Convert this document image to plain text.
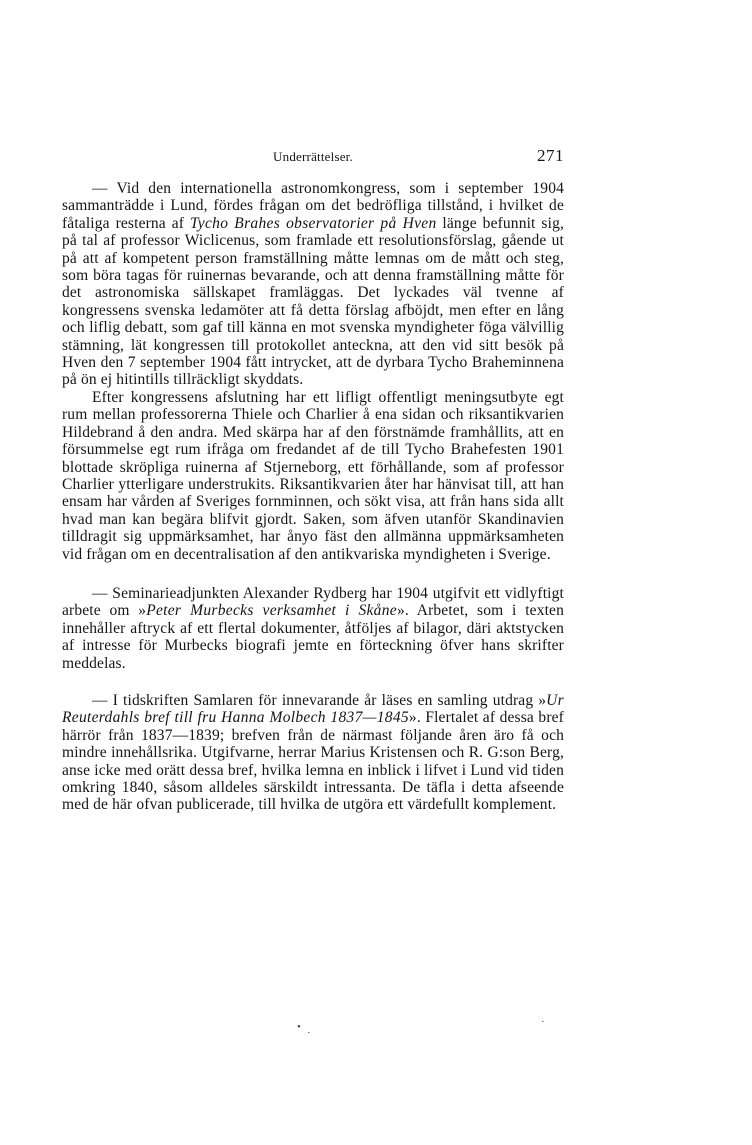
Underrättelser.	271

— Vid den internationella astronomkongress, som i september 1904 sammanträdde i Lund, fördes frågan om det bedröfliga tillstånd, i hvilket de fåtaliga resterna af Tycho Brahes observatorier på Hven länge befunnit sig, på tal af professor Wiclicenus, som framlade ett resolutionsförslag, gående ut på att af kompetent person framställning måtte lemnas om de mått och steg, som böra tagas för ruinernas bevarande, och att denna framställning måtte för det astronomiska sällskapet framläggas. Det lyckades väl tvenne af kongressens svenska ledamöter att få detta förslag afböjdt, men efter en lång och liflig debatt, som gaf till känna en mot svenska myndigheter föga välvillig stämning, lät kongressen till protokollet anteckna, att den vid sitt besök på Hven den 7 september 1904 fått intrycket, att de dyrbara Tycho Braheminnena på ön ej hitintills tillräckligt skyddats.

Efter kongressens afslutning har ett lifligt offentligt meningsutbyte egt rum mellan professorerna Thiele och Charlier å ena sidan och riksantikvarien Hildebrand å den andra. Med skärpa har af den förstnämde framhållits, att en försummelse egt rum ifråga om fredandet af de till Tycho Brahefesten 1901 blottade skröpliga ruinerna af Stjerneborg, ett förhållande, som af professor Charlier ytterligare understrukits. Riksantikvarien åter har hänvisat till, att han ensam har vården af Sveriges fornminnen, och sökt visa, att från hans sida allt hvad man kan begära blifvit gjordt. Saken, som äfven utanför Skandinavien tilldragit sig uppmärksamhet, har ånyo fäst den allmänna uppmärksamheten vid frågan om en decentralisation af den antikvariska myndigheten i Sverige.

— Seminarieadjunkten Alexander Rydberg har 1904 utgifvit ett vidlyftigt arbete om »Peter Murbecks verksamhet i Skåne». Arbetet, som i texten innehåller aftryck af ett flertal dokumenter, åtföljes af bilagor, däri aktstycken af intresse för Murbecks biografi jemte en förteckning öfver hans skrifter meddelas.

— I tidskriften Samlaren för innevarande år läses en samling utdrag »Ur Reuterdahls bref till fru Hanna Molbech 1837—1845». Flertalet af dessa bref härrör från 1837—1839; brefven från de närmast följande åren äro få och mindre innehållsrika. Utgifvarne, herrar Marius Kristensen och R. G:son Berg, anse icke med orätt dessa bref, hvilka lemna en inblick i lifvet i Lund vid tiden omkring 1840, såsom alldeles särskildt intressanta. De täfla i detta afseende med de här ofvan publicerade, till hvilka de utgöra ett värdefullt komplement.

• ·
·
